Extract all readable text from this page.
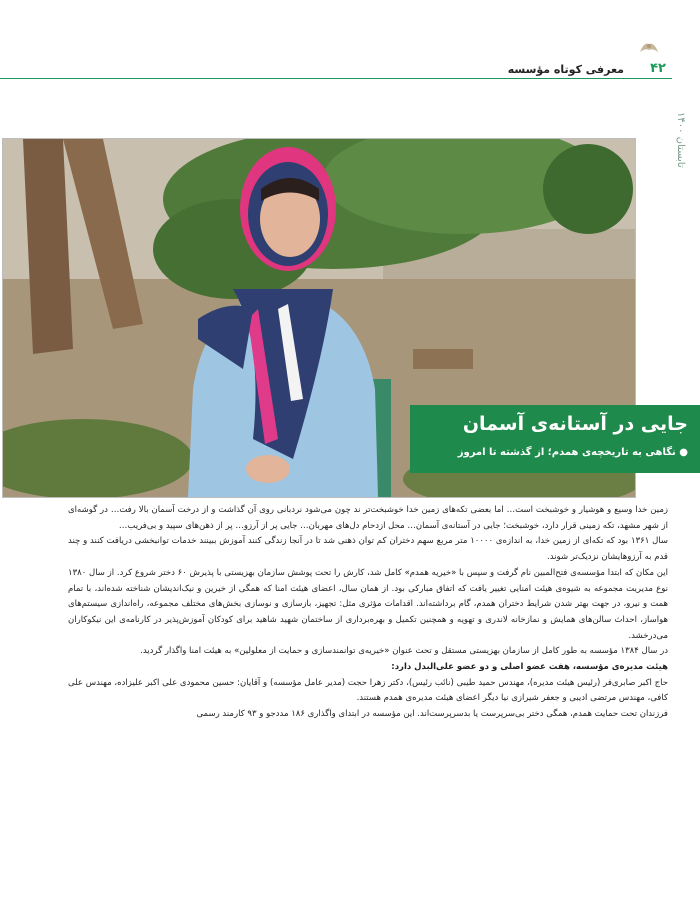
۴۲
معرفی کوتاه مؤسسه
تابستان ۱۴۰۰
جایی در آستانه‌ی آسمان
● نگاهی به تاریخچه‌ی همدم؛ از گذشته تا امروز

زمین خدا وسیع و هوشیار و خوشبخت است… اما بعضی تکه‌های زمین خدا خوشبخت‌تر ند چون می‌شود نردبانی روی آن گذاشت و از درخت آسمان بالا رفت… در گوشه‌ای از شهر مشهد، تکه زمینی قرار دارد، خوشبخت؛ جایی در آستانه‌ی آسمان… محل ازدحام دل‌های مهربان… جایی پر از آرزو… پر از ذهن‌های سپید و بی‌فریب…

سال ۱۳۶۱ بود که تکه‌ای از زمین خدا، به اندازه‌ی ۱۰۰۰۰ متر مربع سهم دختران کم توان ذهنی شد تا در آنجا زندگی کنند آموزش ببینند خدمات توانبخشی دریافت کنند و چند قدم به آرزوهایشان نزدیک‌تر شوند.

این مکان که ابتدا مؤسسه‌ی فتح‌المبین نام گرفت و سپس با «خیریه همدم» کامل شد، کارش را تحت پوشش سازمان بهزیستی با پذیرش ۶۰ دختر شروع کرد. از سال ۱۳۸۰ نوع مدیریت مجموعه به شیوه‌ی هیئت امنایی تغییر یافت که اتفاق مبارکی بود. از همان سال، اعضای هیئت امنا که همگی از خیرین و نیک‌اندیشان شناخته شده‌اند، با تمام همت و نیرو، در جهت بهتر شدن شرایط دختران همدم، گام برداشته‌اند. اقدامات مؤثری مثل: تجهیز، بازسازی و نوسازی بخش‌های مختلف مجموعه، راه‌اندازی سیستم‌های هواساز، احداث سالن‌های همایش و نمازخانه لاندری و تهویه و همچنین تکمیل و بهره‌برداری از ساختمان شهید شاهید برای کودکان آموزش‌پذیر در کارنامه‌ی این نیکوکاران می‌درخشد.

در سال ۱۳۸۴ مؤسسه به طور کامل از سازمان بهزیستی مستقل و تحت عنوان «خیریه‌ی توانمندسازی و حمایت از معلولین» به هیئت امنا واگذار گردید.

هیئت مدیره‌ی مؤسسه، هفت عضو اصلی و دو عضو علی‌البدل دارد:

حاج اکبر صابری‌فر (رئیس هیئت مدیره)، مهندس حمید طیبی (نائب رئیس)، دکتر زهرا حجت (مدیر عامل مؤسسه) و آقایان: حسین محمودی علی اکبر علیزاده، مهندس علی کافی، مهندس مرتضی ادیبی و جعفر شیرازی نیا دیگر اعضای هیئت مدیره‌ی همدم هستند.

فرزندان تحت حمایت همدم، همگی دختر بی‌سرپرست یا بدسرپرست‌اند. این مؤسسه در ابتدای واگذاری ۱۸۶ مددجو و ۹۳ کارمند رسمی
